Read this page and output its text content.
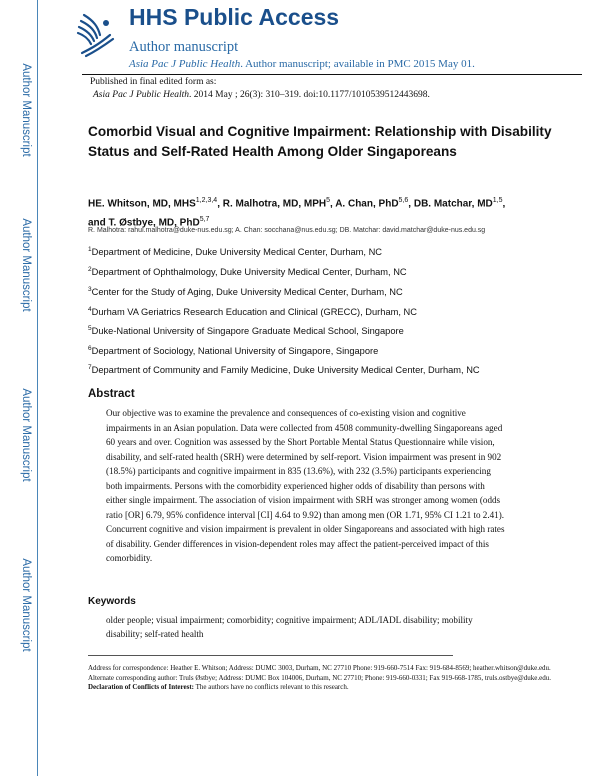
Author Manuscript
Author Manuscript
Author Manuscript
Author Manuscript
HHS Public Access
Author manuscript
Asia Pac J Public Health. Author manuscript; available in PMC 2015 May 01.
Published in final edited form as:
Asia Pac J Public Health. 2014 May ; 26(3): 310–319. doi:10.1177/1010539512443698.
Comorbid Visual and Cognitive Impairment: Relationship with Disability Status and Self-Rated Health Among Older Singaporeans
HE. Whitson, MD, MHS$^{1,2,3,4}$, R. Malhotra, MD, MPH$^5$, A. Chan, PhD$^{5,6}$, DB. Matchar, MD$^{1,5}$,
and T. Østbye, MD, PhD$^{5,7}$
R. Malhotra: rahul.malhotra@duke-nus.edu.sg; A. Chan: socchana@nus.edu.sg; DB. Matchar: david.matchar@duke-nus.edu.sg
$^1$Department of Medicine, Duke University Medical Center, Durham, NC
$^2$Department of Ophthalmology, Duke University Medical Center, Durham, NC
$^3$Center for the Study of Aging, Duke University Medical Center, Durham, NC
$^4$Durham VA Geriatrics Research Education and Clinical (GRECC), Durham, NC
$^5$Duke-National University of Singapore Graduate Medical School, Singapore
$^6$Department of Sociology, National University of Singapore, Singapore
$^7$Department of Community and Family Medicine, Duke University Medical Center, Durham, NC
Abstract
Our objective was to examine the prevalence and consequences of co-existing vision and cognitive impairments in an Asian population. Data were collected from 4508 community-dwelling Singaporeans aged 60 years and over. Cognition was assessed by the Short Portable Mental Status Questionnaire while vision, disability, and self-rated health (SRH) were determined by self-report. Vision impairment was present in 902 (18.5%) participants and cognitive impairment in 835 (13.6%), with 232 (3.5%) participants experiencing both impairments. Persons with the comorbidity experienced higher odds of disability than persons with either single impairment. The association of vision impairment with SRH was stronger among women (odds ratio [OR] 6.79, 95% confidence interval [CI] 4.64 to 9.92) than among men (OR 1.71, 95% CI 1.21 to 2.41). Concurrent cognitive and vision impairment is prevalent in older Singaporeans and associated with high rates of disability. Gender differences in vision-dependent roles may affect the patient-perceived impact of this comorbidity.
Keywords
older people; visual impairment; comorbidity; cognitive impairment; ADL/IADL disability; mobility disability; self-rated health
Address for correspondence: Heather E. Whitson; Address: DUMC 3003, Durham, NC 27710 Phone: 919-660-7514 Fax: 919-684-8569; heather.whitson@duke.edu. Alternate corresponding author: Truls Østbye; Address: DUMC Box 104006, Durham, NC 27710; Phone: 919-660-0331; Fax 919-668-1785, truls.ostbye@duke.edu.
Declaration of Conflicts of Interest: The authors have no conflicts relevant to this research.
